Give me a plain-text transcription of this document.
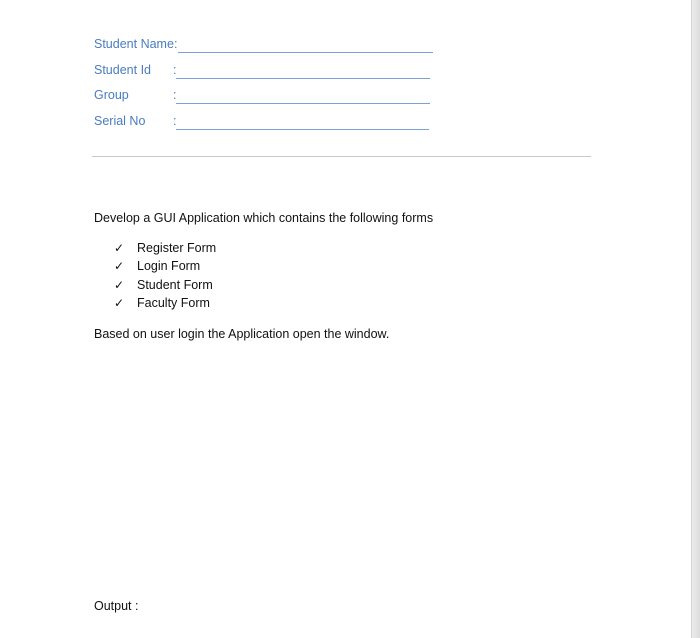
Student Name :
Student Id :
Group	:
Serial No :
Develop a GUI Application which contains the following forms
✓ Register Form
✓ Login Form
✓ Student Form
✓ Faculty Form
Based on user login the Application open the window.
Output :
